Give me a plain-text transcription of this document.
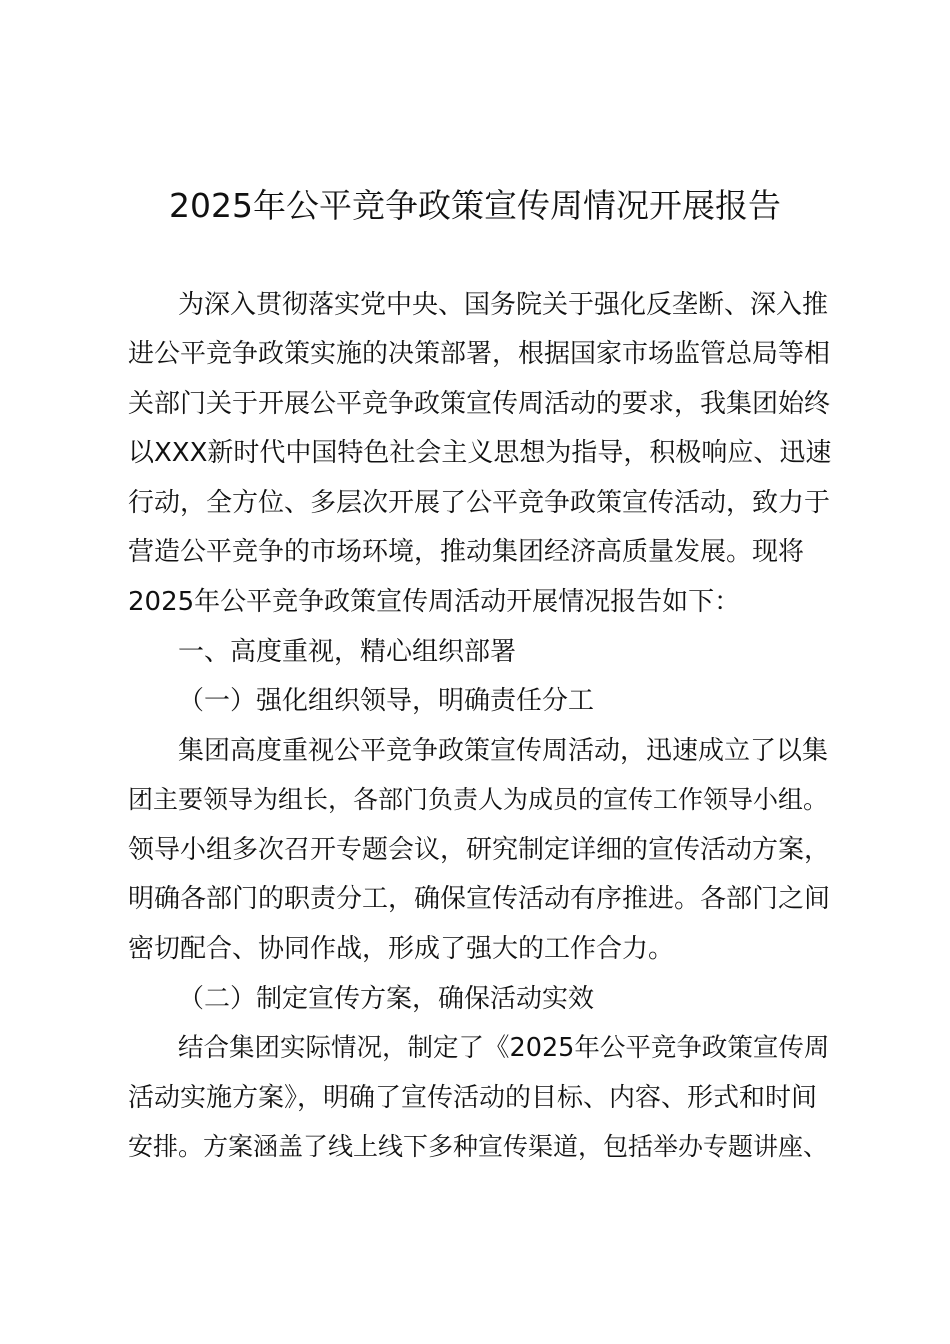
2025年公平竞争政策宣传周情况开展报告
为深入贯彻落实党中央、国务院关于强化反垄断、深入推
进公平竞争政策实施的决策部署，根据国家市场监管总局等相
关部门关于开展公平竞争政策宣传周活动的要求，我集团始终
以XXX新时代中国特色社会主义思想为指导，积极响应、迅速
行动，全方位、多层次开展了公平竞争政策宣传活动，致力于
营造公平竞争的市场环境，推动集团经济高质量发展。现将
2025年公平竞争政策宣传周活动开展情况报告如下：
一、高度重视，精心组织部署
（一）强化组织领导，明确责任分工
集团高度重视公平竞争政策宣传周活动，迅速成立了以集
团主要领导为组长，各部门负责人为成员的宣传工作领导小组。
领导小组多次召开专题会议，研究制定详细的宣传活动方案，
明确各部门的职责分工，确保宣传活动有序推进。各部门之间
密切配合、协同作战，形成了强大的工作合力。
（二）制定宣传方案，确保活动实效
结合集团实际情况，制定了《2025年公平竞争政策宣传周
活动实施方案》，明确了宣传活动的目标、内容、形式和时间
安排。方案涵盖了线上线下多种宣传渠道，包括举办专题讲座、
